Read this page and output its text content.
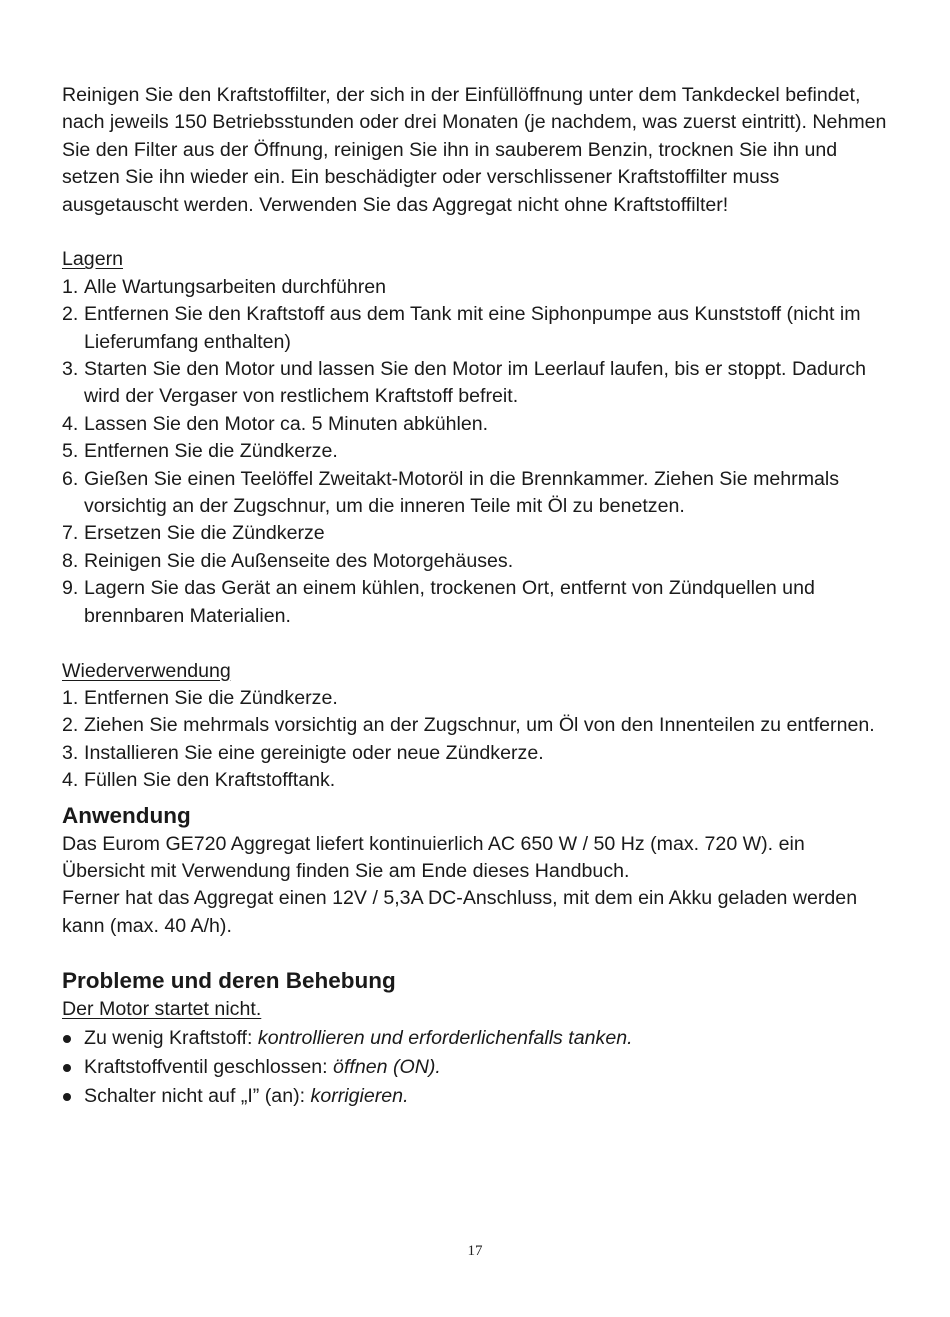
Reinigen Sie den Kraftstoffilter, der sich in der Einfüllöffnung unter dem Tankdeckel befindet, nach jeweils 150 Betriebsstunden oder drei Monaten (je nachdem, was zuerst eintritt). Nehmen Sie den Filter aus der Öffnung, reinigen Sie ihn in sauberem Benzin, trocknen Sie ihn und setzen Sie ihn wieder ein. Ein beschädigter oder verschlissener Kraftstoffilter muss ausgetauscht werden. Verwenden Sie das Aggregat nicht ohne Kraftstoffilter!

Lagern

1. Alle Wartungsarbeiten durchführen
2. Entfernen Sie den Kraftstoff aus dem Tank mit eine Siphonpumpe aus Kunststoff (nicht im Lieferumfang enthalten)
3. Starten Sie den Motor und lassen Sie den Motor im Leerlauf laufen, bis er stoppt. Dadurch wird der Vergaser von restlichem Kraftstoff befreit.
4. Lassen Sie den Motor ca. 5 Minuten abkühlen.
5. Entfernen Sie die Zündkerze.
6. Gießen Sie einen Teelöffel Zweitakt-Motoröl in die Brennkammer. Ziehen Sie mehrmals vorsichtig an der Zugschnur, um die inneren Teile mit Öl zu benetzen.
7. Ersetzen Sie die Zündkerze
8. Reinigen Sie die Außenseite des Motorgehäuses.
9. Lagern Sie das Gerät an einem kühlen, trockenen Ort, entfernt von Zündquellen und brennbaren Materialien.

Wiederverwendung

1. Entfernen Sie die Zündkerze.
2. Ziehen Sie mehrmals vorsichtig an der Zugschnur, um Öl von den Innenteilen zu entfernen.
3. Installieren Sie eine gereinigte oder neue Zündkerze.
4. Füllen Sie den Kraftstofftank.
Anwendung

Das Eurom GE720 Aggregat liefert kontinuierlich AC 650 W / 50 Hz (max. 720 W). ein Übersicht mit Verwendung finden Sie am Ende dieses Handbuch.

Ferner hat das Aggregat einen 12V / 5,3A DC-Anschluss, mit dem ein Akku geladen werden kann (max. 40 A/h).

Probleme und deren Behebung

Der Motor startet nicht.

Zu wenig Kraftstoff: kontrollieren und erforderlichenfalls tanken.
Kraftstoffventil geschlossen: öffnen (ON).
Schalter nicht auf „I” (an): korrigieren.
17
